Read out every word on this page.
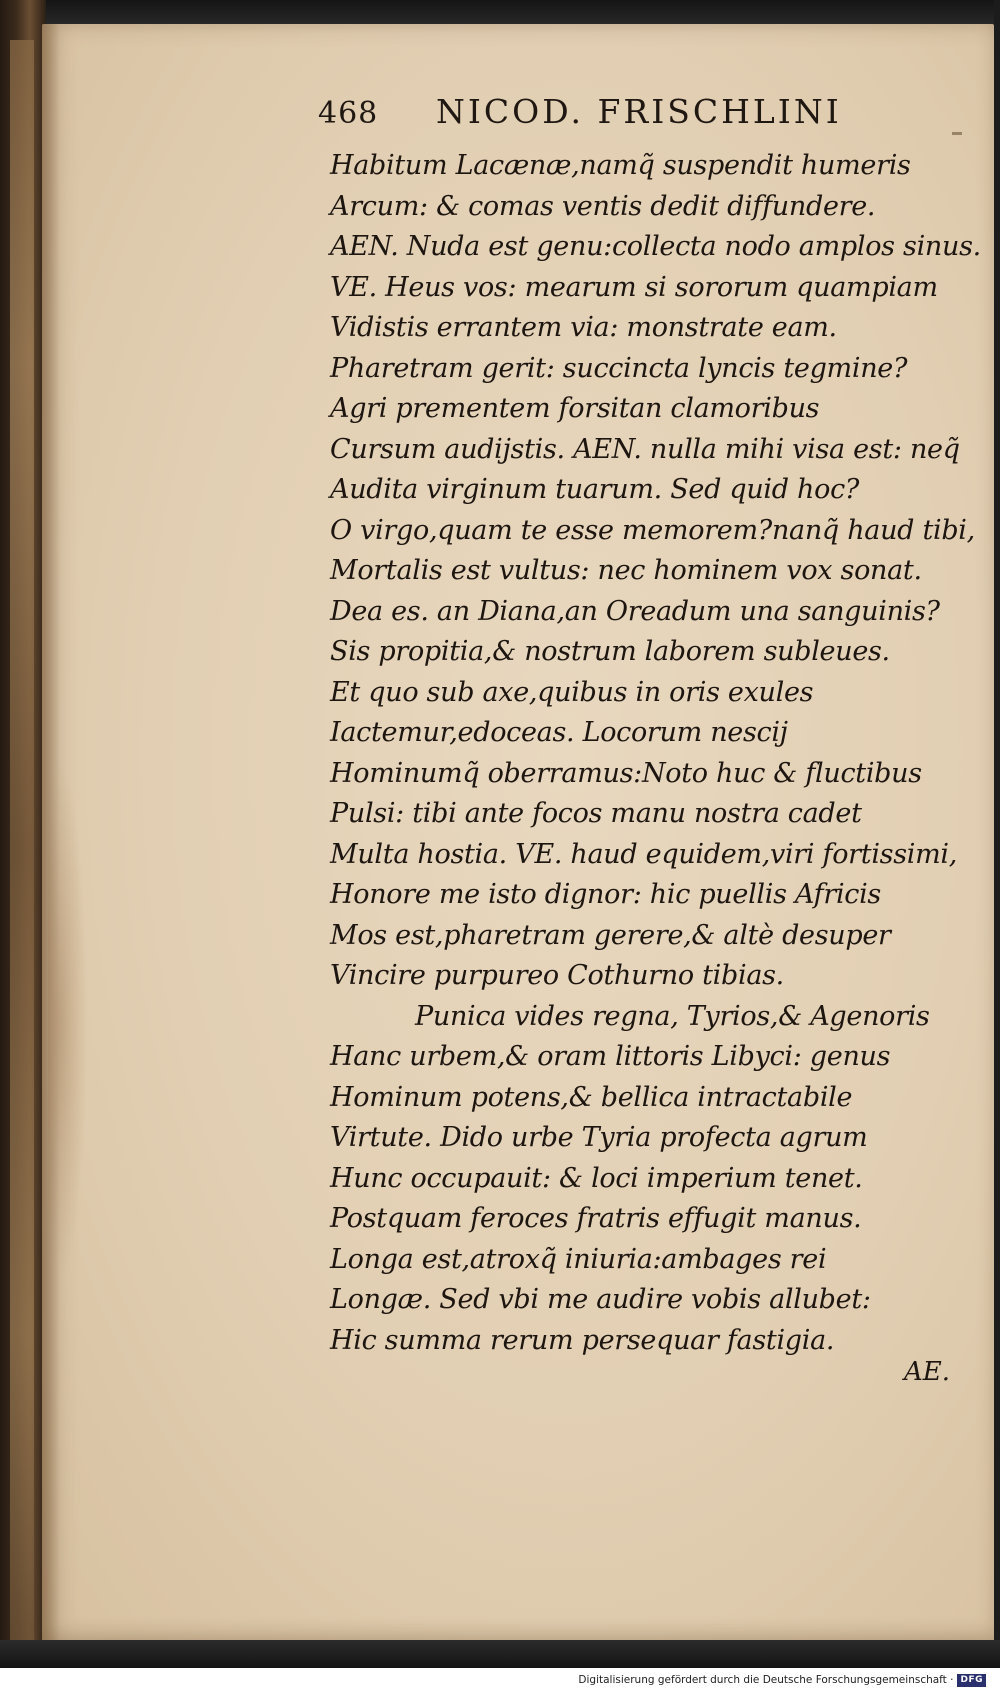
468 NICOD. FRISCHLINI
Habitum Lacænæ,namq̃ suspendit humeris
Arcum: & comas ventis dedit diffundere.
AEN. Nuda est genu:collecta nodo amplos sinus.
VE. Heus vos: mearum si sororum quampiam
Vidistis errantem via: monstrate eam.
Pharetram gerit: succincta lyncis tegmine?
Agri prementem forsitan clamoribus
Cursum audijstis. AEN. nulla mihi visa est: neq̃
Audita virginum tuarum. Sed quid hoc?
O virgo,quam te esse memorem?nanq̃ haud tibi,
Mortalis est vultus: nec hominem vox sonat.
Dea es. an Diana,an Oreadum una sanguinis?
Sis propitia,& nostrum laborem subleues.
Et quo sub axe,quibus in oris exules
Iactemur,edoceas. Locorum nescij
Hominumq̃ oberramus:Noto huc & fluctibus
Pulsi: tibi ante focos manu nostra cadet
Multa hostia. VE. haud equidem,viri fortissimi,
Honore me isto dignor: hic puellis Africis
Mos est,pharetram gerere,& altè desuper
Vincire purpureo Cothurno tibias.
Punica vides regna, Tyrios,& Agenoris
Hanc urbem,& oram littoris Libyci: genus
Hominum potens,& bellica intractabile
Virtute. Dido urbe Tyria profecta agrum
Hunc occupauit: & loci imperium tenet.
Postquam feroces fratris effugit manus.
Longa est,atroxq̃ iniuria:ambages rei
Longæ. Sed vbi me audire vobis allubet:
Hic summa rerum persequar fastigia.
AE.
Digitalisierung gefördert durch die Deutsche Forschungsgemeinschaft · DFG
